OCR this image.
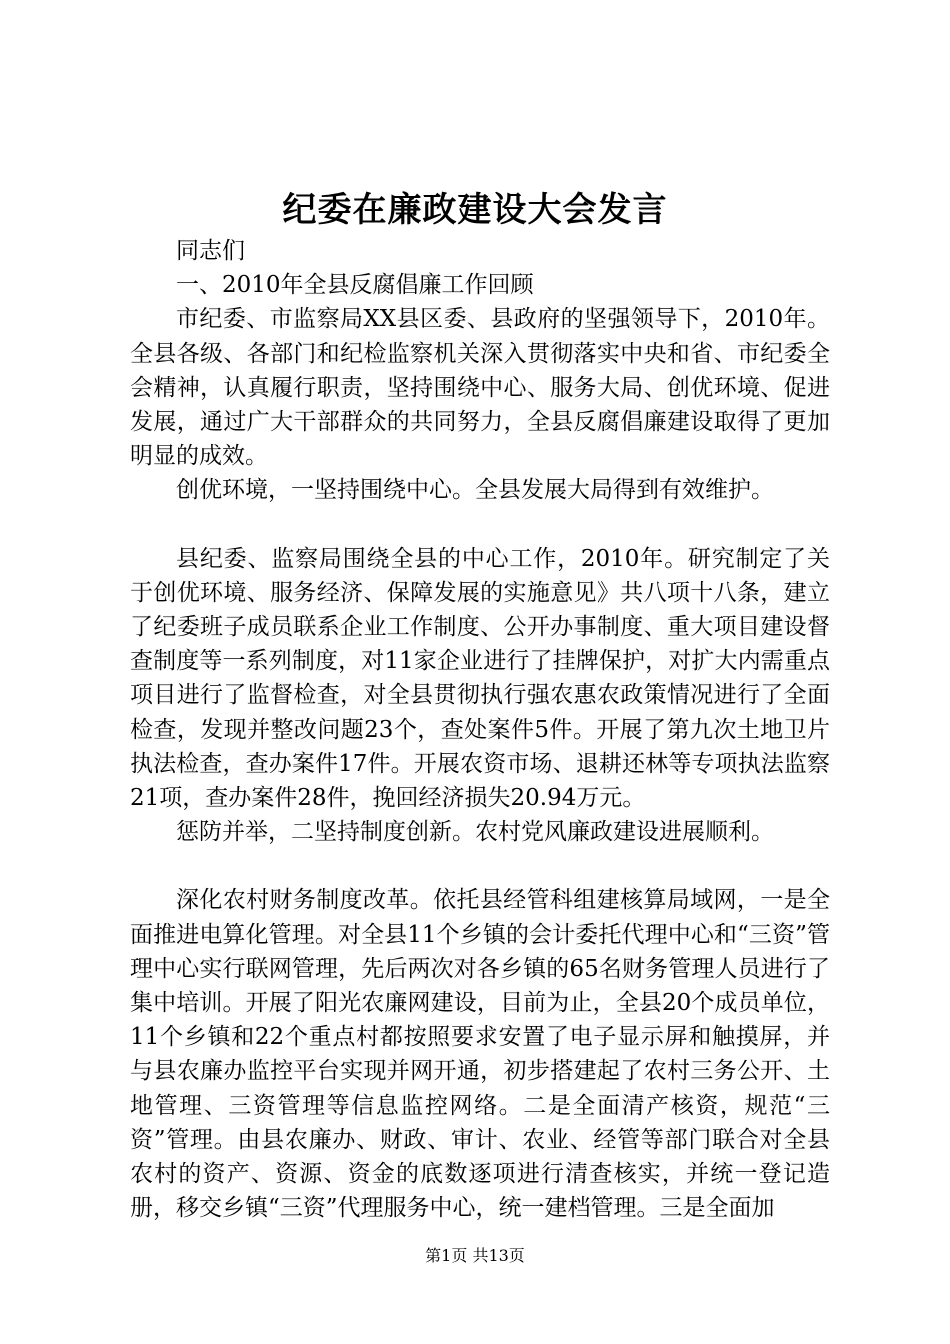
纪委在廉政建设大会发言

同志们

一、2010年全县反腐倡廉工作回顾

市纪委、市监察局XX县区委、县政府的坚强领导下，2010年。全县各级、各部门和纪检监察机关深入贯彻落实中央和省、市纪委全会精神，认真履行职责，坚持围绕中心、服务大局、创优环境、促进发展，通过广大干部群众的共同努力，全县反腐倡廉建设取得了更加明显的成效。

创优环境，一坚持围绕中心。全县发展大局得到有效维护。

县纪委、监察局围绕全县的中心工作，2010年。研究制定了关于创优环境、服务经济、保障发展的实施意见》共八项十八条，建立了纪委班子成员联系企业工作制度、公开办事制度、重大项目建设督查制度等一系列制度，对11家企业进行了挂牌保护，对扩大内需重点项目进行了监督检查，对全县贯彻执行强农惠农政策情况进行了全面检查，发现并整改问题23个，查处案件5件。开展了第九次土地卫片执法检查，查办案件17件。开展农资市场、退耕还林等专项执法监察21项，查办案件28件，挽回经济损失20.94万元。

惩防并举，二坚持制度创新。农村党风廉政建设进展顺利。

深化农村财务制度改革。依托县经管科组建核算局域网，一是全面推进电算化管理。对全县11个乡镇的会计委托代理中心和“三资”管理中心实行联网管理，先后两次对各乡镇的65名财务管理人员进行了集中培训。开展了阳光农廉网建设，目前为止，全县20个成员单位，11个乡镇和22个重点村都按照要求安置了电子显示屏和触摸屏，并与县农廉办监控平台实现并网开通，初步搭建起了农村三务公开、土地管理、三资管理等信息监控网络。二是全面清产核资，规范“三资”管理。由县农廉办、财政、审计、农业、经管等部门联合对全县农村的资产、资源、资金的底数逐项进行清查核实，并统一登记造册，移交乡镇“三资”代理服务中心，统一建档管理。三是全面加

第1页 共13页
